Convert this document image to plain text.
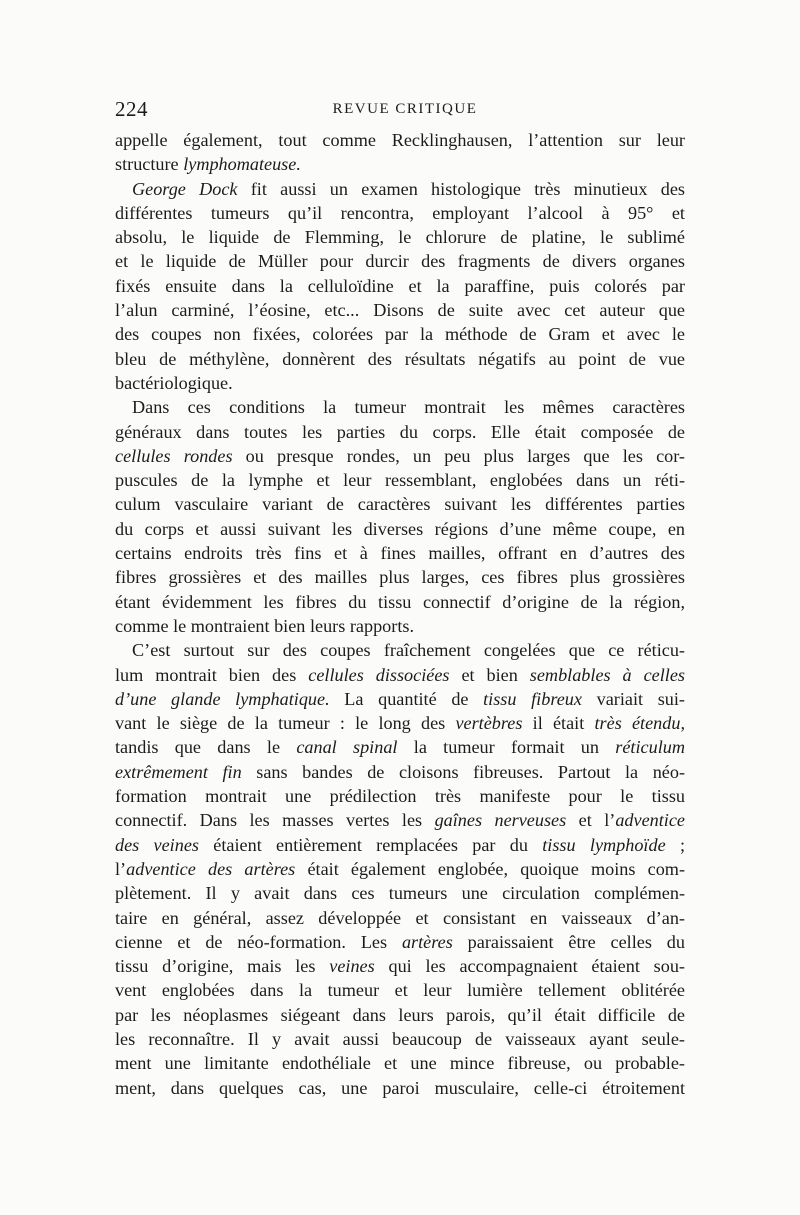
224	REVUE CRITIQUE
appelle également, tout comme Recklinghausen, l’attention sur leur
structure lymphomateuse.
George Dock fit aussi un examen histologique très minutieux des
différentes tumeurs qu’il rencontra, employant l’alcool à 95° et
absolu, le liquide de Flemming, le chlorure de platine, le sublimé
et le liquide de Müller pour durcir des fragments de divers organes
fixés ensuite dans la celluloïdine et la paraffine, puis colorés par
l’alun carminé, l’éosine, etc... Disons de suite avec cet auteur que
des coupes non fixées, colorées par la méthode de Gram et avec le
bleu de méthylène, donnèrent des résultats négatifs au point de vue
bactériologique.
Dans ces conditions la tumeur montrait les mêmes caractères
généraux dans toutes les parties du corps. Elle était composée de
cellules rondes ou presque rondes, un peu plus larges que les cor-
puscules de la lymphe et leur ressemblant, englobées dans un réti-
culum vasculaire variant de caractères suivant les différentes parties
du corps et aussi suivant les diverses régions d’une même coupe, en
certains endroits très fins et à fines mailles, offrant en d’autres des
fibres grossières et des mailles plus larges, ces fibres plus grossières
étant évidemment les fibres du tissu connectif d’origine de la région,
comme le montraient bien leurs rapports.
C’est surtout sur des coupes fraîchement congelées que ce réticu-
lum montrait bien des cellules dissociées et bien semblables à celles
d’une glande lymphatique. La quantité de tissu fibreux variait sui-
vant le siège de la tumeur : le long des vertèbres il était très étendu,
tandis que dans le canal spinal la tumeur formait un réticulum
extrêmement fin sans bandes de cloisons fibreuses. Partout la néo-
formation montrait une prédilection très manifeste pour le tissu
connectif. Dans les masses vertes les gaînes nerveuses et l’adventice
des veines étaient entièrement remplacées par du tissu lymphoïde ;
l’adventice des artères était également englobée, quoique moins com-
plètement. Il y avait dans ces tumeurs une circulation complémen-
taire en général, assez développée et consistant en vaisseaux d’an-
cienne et de néo-formation. Les artères paraissaient être celles du
tissu d’origine, mais les veines qui les accompagnaient étaient sou-
vent englobées dans la tumeur et leur lumière tellement oblitérée
par les néoplasmes siégeant dans leurs parois, qu’il était difficile de
les reconnaître. Il y avait aussi beaucoup de vaisseaux ayant seule-
ment une limitante endothéliale et une mince fibreuse, ou probable-
ment, dans quelques cas, une paroi musculaire, celle-ci étroitement
